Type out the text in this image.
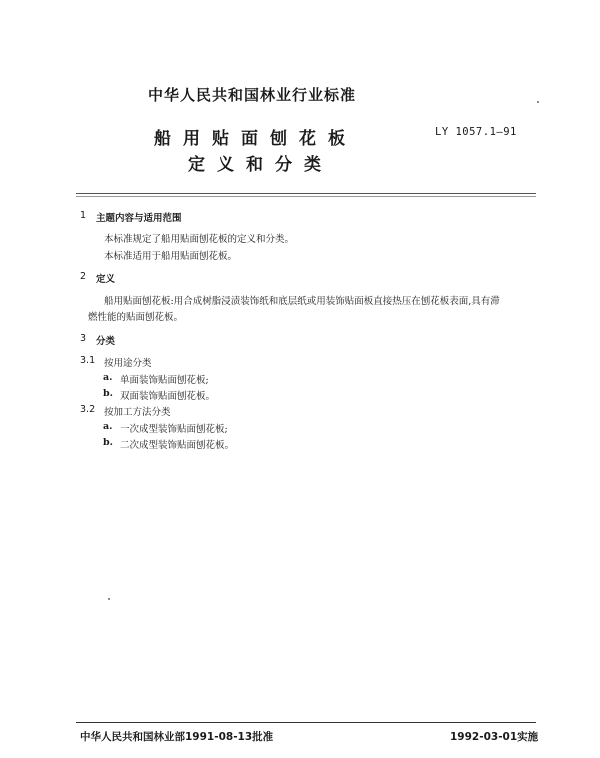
中华人民共和国林业行业标准
船用贴面刨花板
定义和分类
LY 1057.1—91
1 主题内容与适用范围
本标准规定了船用贴面刨花板的定义和分类。
本标准适用于船用贴面刨花板。
2 定义
船用贴面刨花板:用合成树脂浸渍装饰纸和底层纸或用装饰贴面板直接热压在刨花板表面,具有滞
燃性能的贴面刨花板。
3 分类
3.1 按用途分类
a. 单面装饰贴面刨花板;
b. 双面装饰贴面刨花板。
3.2 按加工方法分类
a. 一次成型装饰贴面刨花板;
b. 二次成型装饰贴面刨花板。
中华人民共和国林业部1991-08-13批准	1992-03-01实施
